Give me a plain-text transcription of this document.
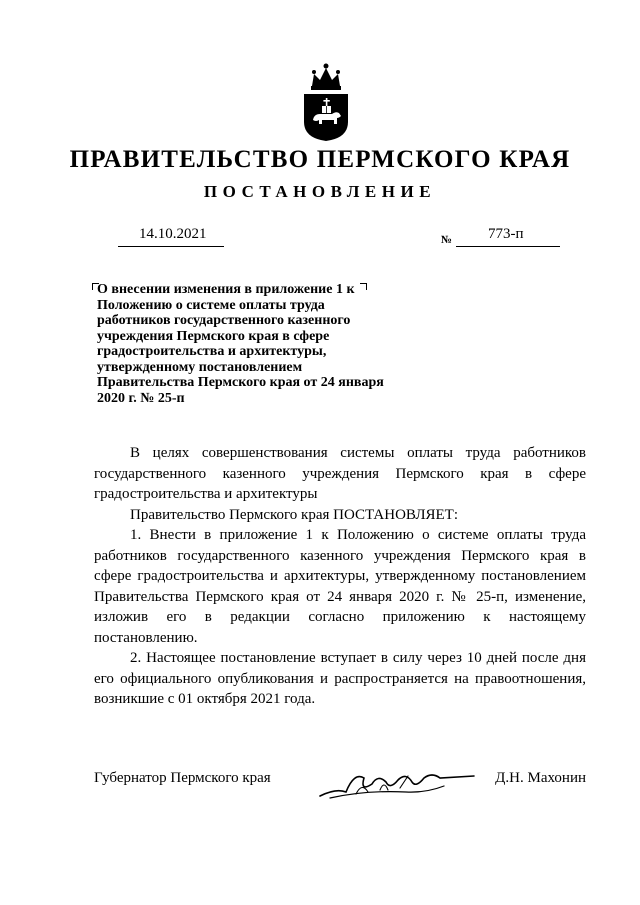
ПРАВИТЕЛЬСТВО ПЕРМСКОГО КРАЯ
ПОСТАНОВЛЕНИЕ
14.10.2021	№ 773-п
О внесении изменения в приложение 1 к Положению о системе оплаты труда работников государственного казенного учреждения Пермского края в сфере градостроительства и архитектуры, утвержденному постановлением Правительства Пермского края от 24 января 2020 г. № 25-п

В целях совершенствования системы оплаты труда работников государственного казенного учреждения Пермского края в сфере градостроительства и архитектуры

Правительство Пермского края ПОСТАНОВЛЯЕТ:

1. Внести в приложение 1 к Положению о системе оплаты труда работников государственного казенного учреждения Пермского края в сфере градостроительства и архитектуры, утвержденному постановлением Правительства Пермского края от 24 января 2020 г. № 25-п, изменение, изложив его в редакции согласно приложению к настоящему постановлению.

2. Настоящее постановление вступает в силу через 10 дней после дня его официального опубликования и распространяется на правоотношения, возникшие с 01 октября 2021 года.

Губернатор Пермского края	Д.Н. Махонин
